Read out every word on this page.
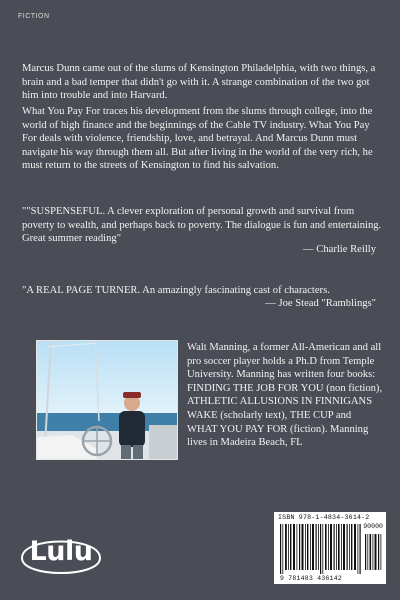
FICTION

Marcus Dunn came out of the slums of Kensington Philadelphia, with two things, a brain and a bad temper that didn't go with it. A strange combination of the two got him into trouble and into Harvard.

What You Pay For traces his development from the slums through college, into the world of high finance and the beginnings of the Cable TV industry. What You Pay For deals with violence, friendship, love, and betrayal. And Marcus Dunn must navigate his way through them all. But after living in the world of the very rich, he must return to the streets of Kensington to find his salvation.

""SUSPENSEFUL. A clever exploration of personal growth and survival from poverty to wealth, and perhaps back to poverty. The dialogue is fun and entertaining. Great summer reading"

— Charlie Reilly

"A REAL PAGE TURNER. An amazingly fascinating cast of characters.

— Joe Stead "Ramblings"

Walt Manning, a former All-American and all pro soccer player holds a Ph.D from Temple University. Manning has written four books: FINDING THE JOB FOR YOU (non fiction), ATHLETIC ALLUSIONS IN FINNIGANS WAKE (scholarly text), THE CUP and WHAT YOU PAY FOR (fiction). Manning lives in Madeira Beach, FL

ISBN 978-1-4834-3614-2
90000
9 781483 436142
Lulu
